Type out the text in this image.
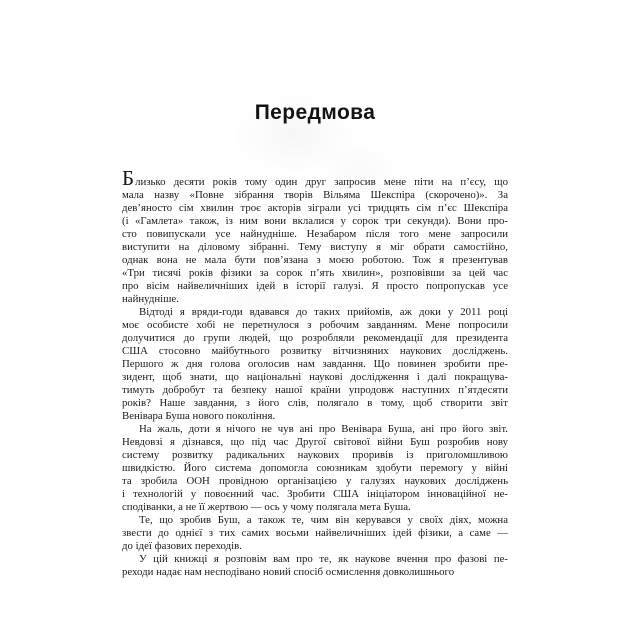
Передмова
Близько десяти років тому один друг запросив мене піти на п’єсу, що
мала назву «Повне зібрання творів Вільяма Шекспіра (скорочено)». За
дев’яносто сім хвилин троє акторів зіграли усі тридцять сім п’єс Шекспіра
(і «Гамлета» також, із ним вони вклалися у сорок три секунди). Вони про-
сто повипускали усе найнудніше. Незабаром після того мене запросили
виступити на діловому зібранні. Тему виступу я міг обрати самостійно,
однак вона не мала бути пов’язана з моєю роботою. Тож я презентував
«Три тисячі років фізики за сорок п’ять хвилин», розповівши за цей час
про вісім найвеличніших ідей в історії галузі. Я просто попропускав усе
найнудніше.
Відтоді я вряди-годи вдавався до таких прийомів, аж доки у 2011 році
моє особисте хобі не перетнулося з робочим завданням. Мене попросили
долучитися до групи людей, що розробляли рекомендації для президента
США стосовно майбутнього розвитку вітчизняних наукових досліджень.
Першого ж дня голова оголосив нам завдання. Що повинен зробити пре-
зидент, щоб знати, що національні наукові дослідження і далі покращува-
тимуть добробут та безпеку нашої країни упродовж наступних п’ятдесяти
років? Наше завдання, з його слів, полягало в тому, щоб створити звіт
Венівара Буша нового покоління.
На жаль, доти я нічого не чув ані про Венівара Буша, ані про його звіт.
Невдовзі я дізнався, що під час Другої світової війни Буш розробив нову
систему розвитку радикальних наукових проривів із приголомшливою
швидкістю. Його система допомогла союзникам здобути перемогу у війні
та зробила ООН провідною організацією у галузях наукових досліджень
і технологій у повоєнний час. Зробити США ініціатором інноваційної не-
сподіванки, а не її жертвою — ось у чому полягала мета Буша.
Те, що зробив Буш, а також те, чим він керувався у своїх діях, можна
звести до однієї з тих самих восьми найвеличніших ідей фізики, а саме —
до ідеї фазових переходів.
У цій книжці я розповім вам про те, як наукове вчення про фазові пе-
реходи надає нам несподівано новий спосіб осмислення довколишнього
